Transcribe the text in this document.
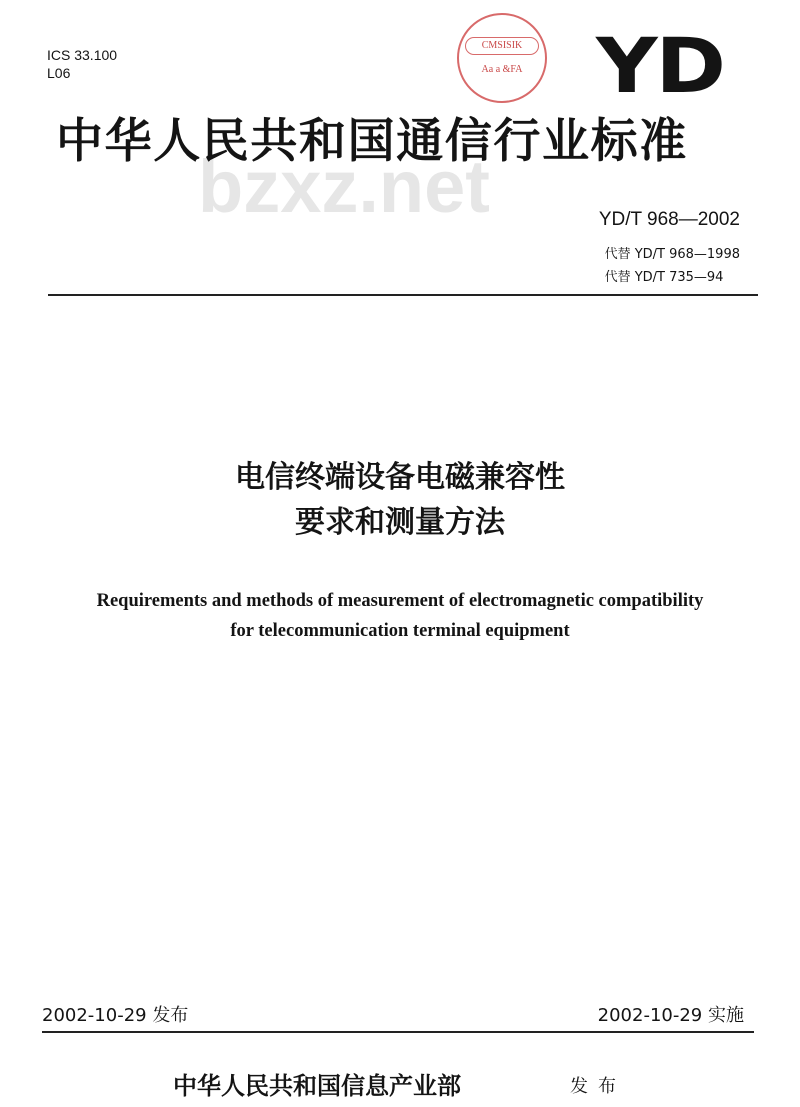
ICS 33.100
L06
CMSISIK
Aa a &FA YD
bzxz.net
中华人民共和国通信行业标准
YD/T 968—2002
代替 YD/T 968—1998
代替 YD/T 735—94
电信终端设备电磁兼容性
要求和测量方法
Requirements and methods of measurement of electromagnetic compatibility
for telecommunication terminal equipment
2002-10-29 发布	2002-10-29 实施
中华人民共和国信息产业部	发布
